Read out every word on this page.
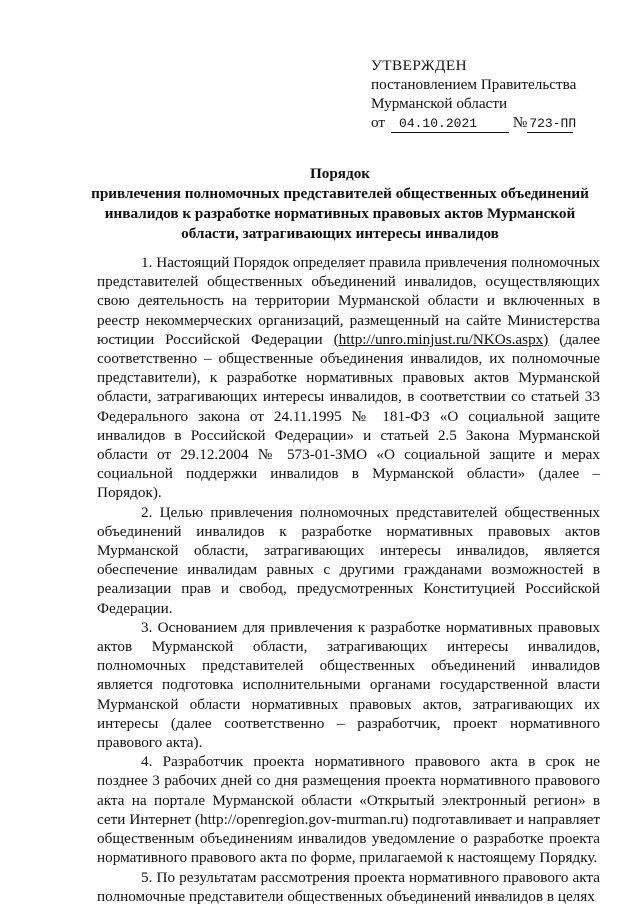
УТВЕРЖДЕН
постановлением Правительства
Мурманской области
от 04.10.2021 № 723-ПП
Порядок
привлечения полномочных представителей общественных объединений
инвалидов к разработке нормативных правовых актов Мурманской
области, затрагивающих интересы инвалидов

1. Настоящий Порядок определяет правила привлечения полномочных представителей общественных объединений инвалидов, осуществляющих свою деятельность на территории Мурманской области и включенных в реестр некоммерческих организаций, размещенный на сайте Министерства юстиции Российской Федерации (http://unro.minjust.ru/NKOs.aspx) (далее соответственно – общественные объединения инвалидов, их полномочные представители), к разработке нормативных правовых актов Мурманской области, затрагивающих интересы инвалидов, в соответствии со статьей 33 Федерального закона от 24.11.1995 № 181-ФЗ «О социальной защите инвалидов в Российской Федерации» и статьей 2.5 Закона Мурманской области от 29.12.2004 № 573-01-ЗМО «О социальной защите и мерах социальной поддержки инвалидов в Мурманской области» (далее – Порядок).

2. Целью привлечения полномочных представителей общественных объединений инвалидов к разработке нормативных правовых актов Мурманской области, затрагивающих интересы инвалидов, является обеспечение инвалидам равных с другими гражданами возможностей в реализации прав и свобод, предусмотренных Конституцией Российской Федерации.

3. Основанием для привлечения к разработке нормативных правовых актов Мурманской области, затрагивающих интересы инвалидов, полномочных представителей общественных объединений инвалидов является подготовка исполнительными органами государственной власти Мурманской области нормативных правовых актов, затрагивающих их интересы (далее соответственно – разработчик, проект нормативного правового акта).

4. Разработчик проекта нормативного правового акта в срок не позднее 3 рабочих дней со дня размещения проекта нормативного правового акта на портале Мурманской области «Открытый электронный регион» в сети Интернет (http://openregion.gov-murman.ru) подготавливает и направляет общественным объединениям инвалидов уведомление о разработке проекта нормативного правового акта по форме, прилагаемой к настоящему Порядку.

5. По результатам рассмотрения проекта нормативного правового акта полномочные представители общественных объединений инвалидов в целях
